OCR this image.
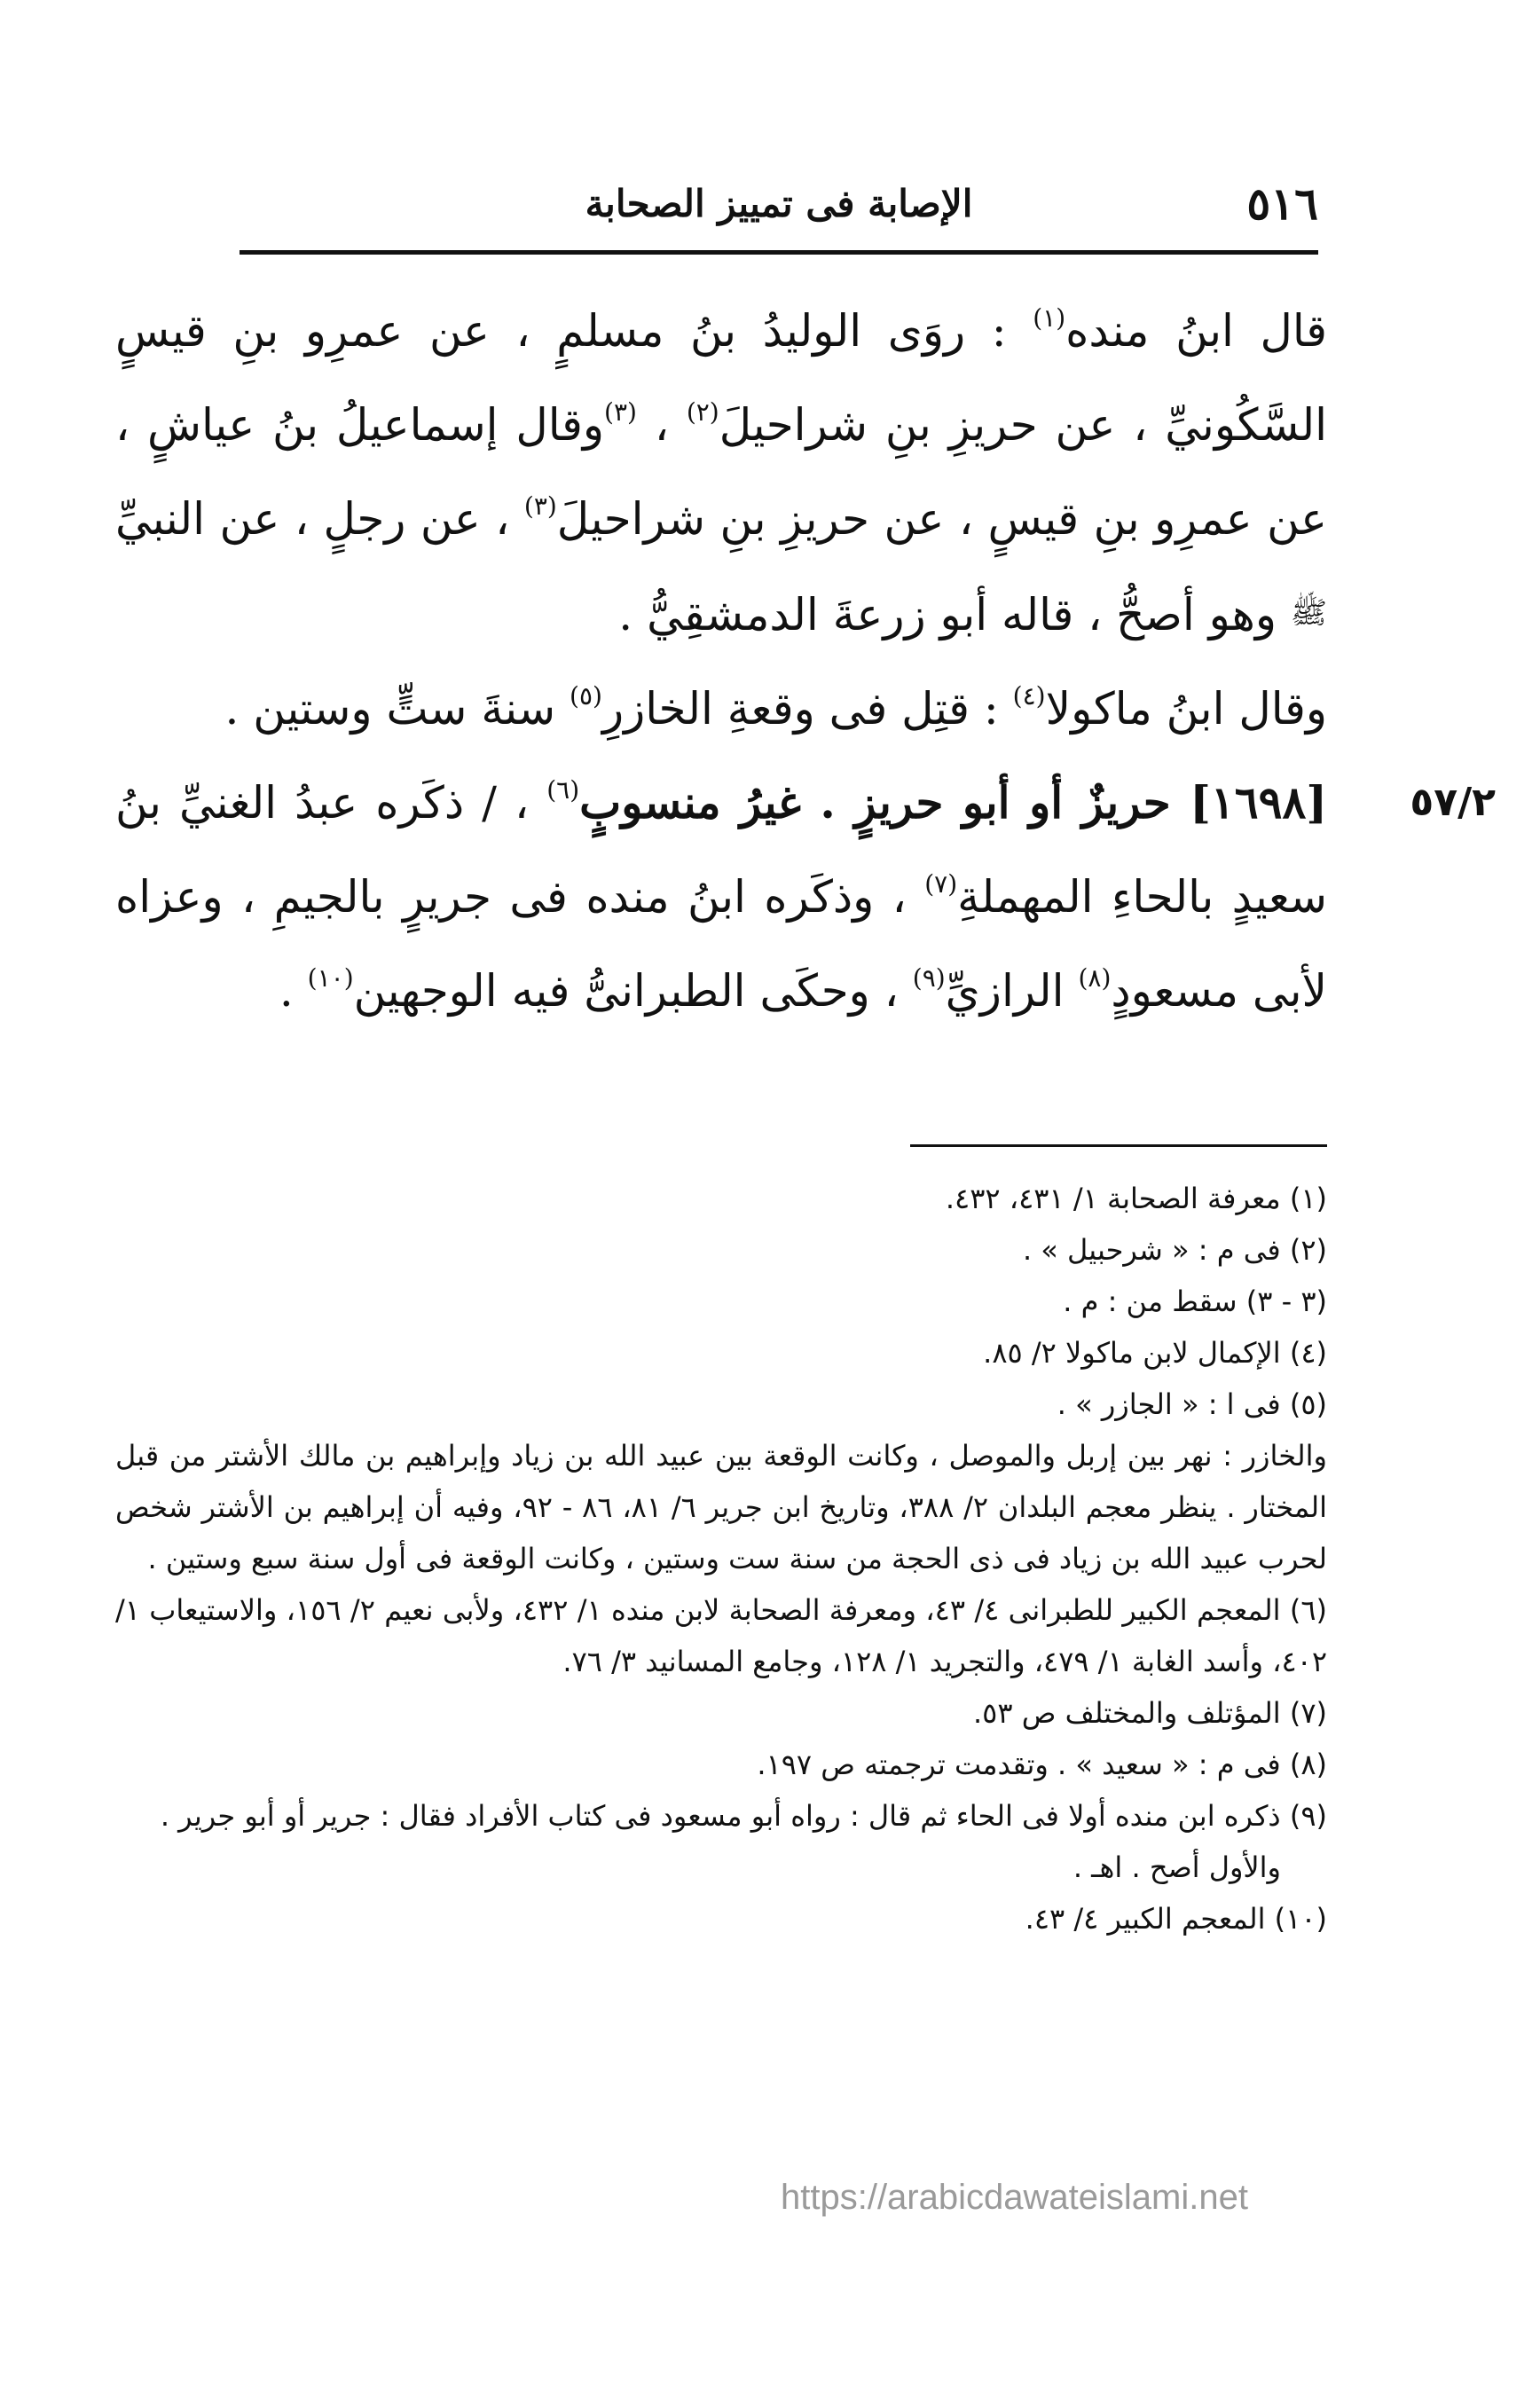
٥١٦
الإصابة فى تمييز الصحابة

قال ابنُ منده$^{(١)}$ : روَى الوليدُ بنُ مسلمٍ ، عن عمرِو بنِ قيسٍ السَّكُونيِّ ، عن حريزِ بنِ شراحيلَ$^{(٢)}$ ، $^{(٣)}$وقال إسماعيلُ بنُ عياشٍ ، عن عمرِو بنِ قيسٍ ، عن حريزِ بنِ شراحيلَ$^{(٣)}$ ، عن رجلٍ ، عن النبيِّ ﷺ وهو أصحُّ ، قاله أبو زرعةَ الدمشقِيُّ .

وقال ابنُ ماكولا$^{(٤)}$ : قتِل فى وقعةِ الخازرِ$^{(٥)}$ سنةَ ستٍّ وستين .

٥٧/٢

[١٦٩٨] حريزٌ أو أبو حريزٍ . غيرُ منسوبٍ$^{(٦)}$ ، / ذكَره عبدُ الغنيِّ بنُ سعيدٍ بالحاءِ المهملةِ$^{(٧)}$ ، وذكَره ابنُ منده فى جريرٍ بالجيمِ ، وعزاه لأبى مسعودٍ$^{(٨)}$ الرازيِّ$^{(٩)}$ ، وحكَى الطبرانىُّ فيه الوجهين$^{(١٠)}$ .

(١) معرفة الصحابة ١/ ٤٣١، ٤٣٢.

(٢) فى م : « شرحبيل » .

(٣ - ٣) سقط من : م .

(٤) الإكمال لابن ماكولا ٢/ ٨٥.

(٥) فى ا : « الجازر » .

والخازر : نهر بين إربل والموصل ، وكانت الوقعة بين عبيد الله بن زياد وإبراهيم بن مالك الأشتر من قبل المختار . ينظر معجم البلدان ٢/ ٣٨٨، وتاريخ ابن جرير ٦/ ٨١، ٨٦ - ٩٢، وفيه أن إبراهيم بن الأشتر شخص لحرب عبيد الله بن زياد فى ذى الحجة من سنة ست وستين ، وكانت الوقعة فى أول سنة سبع وستين .

(٦) المعجم الكبير للطبرانى ٤/ ٤٣، ومعرفة الصحابة لابن منده ١/ ٤٣٢، ولأبى نعيم ٢/ ١٥٦، والاستيعاب ١/ ٤٠٢، وأسد الغابة ١/ ٤٧٩، والتجريد ١/ ١٢٨، وجامع المسانيد ٣/ ٧٦.

(٧) المؤتلف والمختلف ص ٥٣.

(٨) فى م : « سعيد » . وتقدمت ترجمته ص ١٩٧.

(٩) ذكره ابن منده أولا فى الحاء ثم قال : رواه أبو مسعود فى كتاب الأفراد فقال : جرير أو أبو جرير .

والأول أصح . اهـ .

(١٠) المعجم الكبير ٤/ ٤٣.

https://arabicdawateislami.net
